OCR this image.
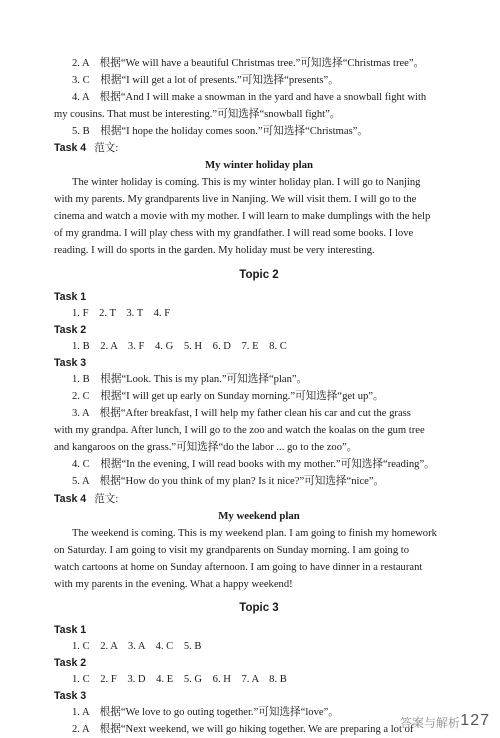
2. A　根据“We will have a beautiful Christmas tree.”可知选择“Christmas tree”。
3. C　根据“I will get a lot of presents.”可知选择“presents”。
4. A　根据“And I will make a snowman in the yard and have a snowball fight with
my cousins. That must be interesting.”可知选择“snowball fight”。
5. B　根据“I hope the holiday comes soon.”可知选择“Christmas”。
Task 4 范文:
My winter holiday plan
The winter holiday is coming. This is my winter holiday plan. I will go to Nanjing
with my parents. My grandparents live in Nanjing. We will visit them. I will go to the
cinema and watch a movie with my mother. I will learn to make dumplings with the help
of my grandma. I will play chess with my grandfather. I will read some books. I love
reading. I will do sports in the garden. My holiday must be very interesting.
Topic 2
Task 1
1. F　2. T　3. T　4. F
Task 2
1. B　2. A　3. F　4. G　5. H　6. D　7. E　8. C
Task 3
1. B　根据“Look. This is my plan.”可知选择“plan”。
2. C　根据“I will get up early on Sunday morning.”可知选择“get up”。
3. A　根据“After breakfast, I will help my father clean his car and cut the grass
with my grandpa. After lunch, I will go to the zoo and watch the koalas on the gum tree
and kangaroos on the grass.”可知选择“do the labor ... go to the zoo”。
4. C　根据“In the evening, I will read books with my mother.”可知选择“reading”。
5. A　根据“How do you think of my plan? Is it nice?”可知选择“nice”。
Task 4 范文:
My weekend plan
The weekend is coming. This is my weekend plan. I am going to finish my homework
on Saturday. I am going to visit my grandparents on Sunday morning. I am going to
watch cartoons at home on Sunday afternoon. I am going to have dinner in a restaurant
with my parents in the evening. What a happy weekend!
Topic 3
Task 1
1. C　2. A　3. A　4. C　5. B
Task 2
1. C　2. F　3. D　4. E　5. G　6. H　7. A　8. B
Task 3
1. A　根据“We love to go outing together.”可知选择“love”。
2. A　根据“Next weekend, we will go hiking together. We are preparing a lot of
答案与解析 127
